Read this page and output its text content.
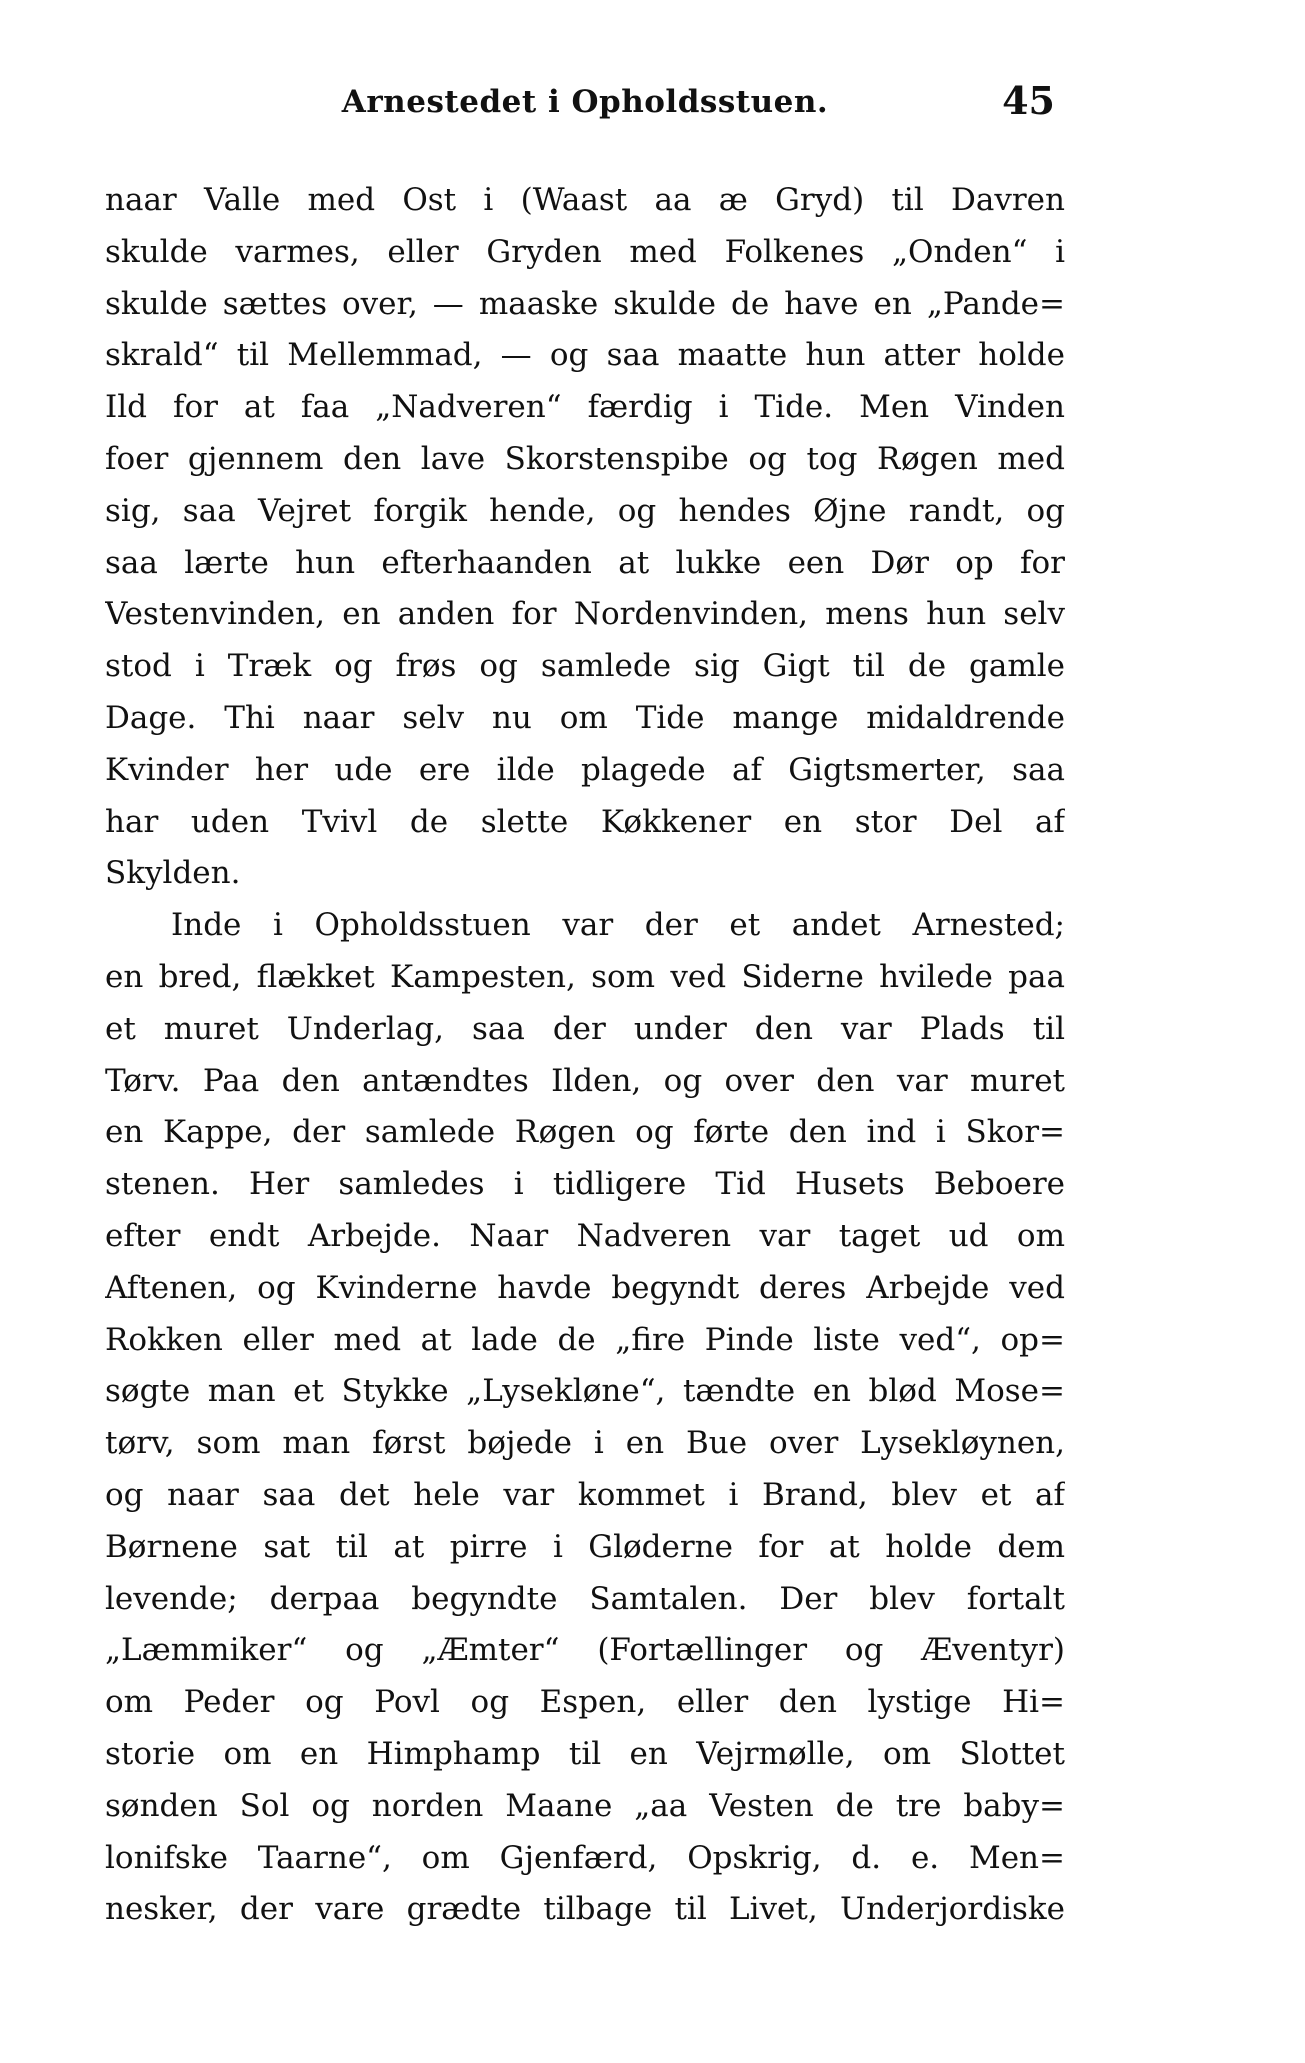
Arnestedet i Opholdsstuen.	45
naar Valle med Ost i (Waast aa æ Gryd) til Davren
skulde varmes, eller Gryden med Folkenes „Onden“ i
skulde sættes over, — maaske skulde de have en „Pande=
skrald“ til Mellemmad, — og saa maatte hun atter holde
Ild for at faa „Nadveren“ færdig i Tide. Men Vinden
foer gjennem den lave Skorstenspibe og tog Røgen med
sig, saa Vejret forgik hende, og hendes Øjne randt, og
saa lærte hun efterhaanden at lukke een Dør op for
Vestenvinden, en anden for Nordenvinden, mens hun selv
stod i Træk og frøs og samlede sig Gigt til de gamle
Dage. Thi naar selv nu om Tide mange midaldrende
Kvinder her ude ere ilde plagede af Gigtsmerter, saa
har uden Tvivl de slette Køkkener en stor Del af
Skylden.
Inde i Opholdsstuen var der et andet Arnested;
en bred, flækket Kampesten, som ved Siderne hvilede paa
et muret Underlag, saa der under den var Plads til
Tørv. Paa den antændtes Ilden, og over den var muret
en Kappe, der samlede Røgen og førte den ind i Skor=
stenen. Her samledes i tidligere Tid Husets Beboere
efter endt Arbejde. Naar Nadveren var taget ud om
Aftenen, og Kvinderne havde begyndt deres Arbejde ved
Rokken eller med at lade de „fire Pinde liste ved“, op=
søgte man et Stykke „Lysekløne“, tændte en blød Mose=
tørv, som man først bøjede i en Bue over Lysekløynen,
og naar saa det hele var kommet i Brand, blev et af
Børnene sat til at pirre i Gløderne for at holde dem
levende; derpaa begyndte Samtalen. Der blev fortalt
„Læmmiker“ og „Æmter“ (Fortællinger og Æventyr)
om Peder og Povl og Espen, eller den lystige Hi=
storie om en Himphamp til en Vejrmølle, om Slottet
sønden Sol og norden Maane „aa Vesten de tre baby=
lonifske Taarne“, om Gjenfærd, Opskrig, d. e. Men=
nesker, der vare grædte tilbage til Livet, Underjordiske
